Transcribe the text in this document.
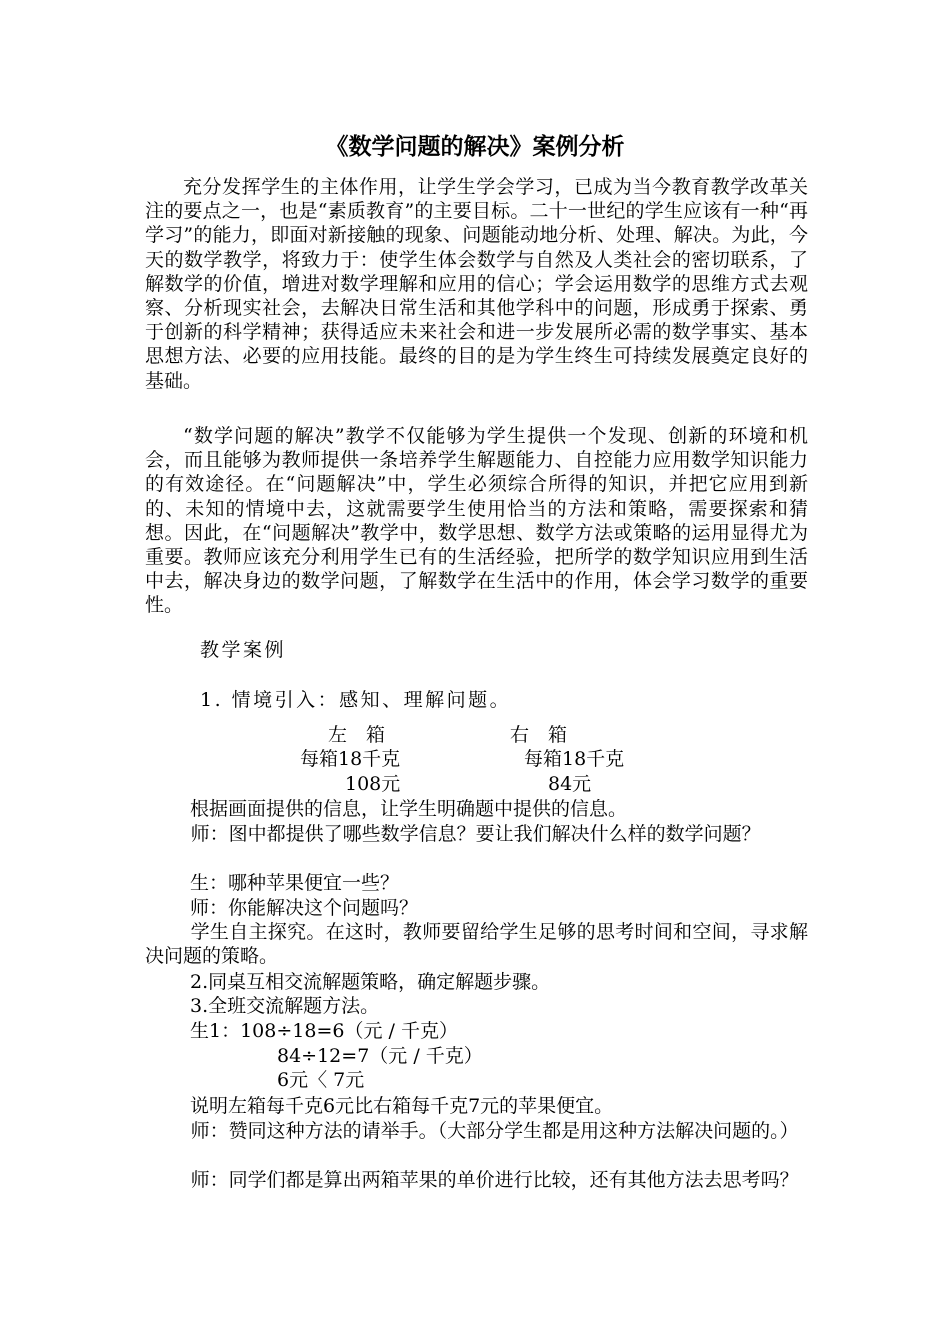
《数学问题的解决》案例分析

充分发挥学生的主体作用，让学生学会学习，已成为当今教育教学改革关注的要点之一，也是“素质教育”的主要目标。二十一世纪的学生应该有一种“再学习”的能力，即面对新接触的现象、问题能动地分析、处理、解决。为此，今天的数学教学，将致力于：使学生体会数学与自然及人类社会的密切联系，了解数学的价值，增进对数学理解和应用的信心；学会运用数学的思维方式去观察、分析现实社会，去解决日常生活和其他学科中的问题，形成勇于探索、勇于创新的科学精神；获得适应未来社会和进一步发展所必需的数学事实、基本思想方法、必要的应用技能。最终的目的是为学生终生可持续发展奠定良好的基础。

“数学问题的解决”教学不仅能够为学生提供一个发现、创新的环境和机会，而且能够为教师提供一条培养学生解题能力、自控能力应用数学知识能力的有效途径。在“问题解决”中，学生必须综合所得的知识，并把它应用到新的、未知的情境中去，这就需要学生使用恰当的方法和策略，需要探索和猜想。因此，在“问题解决”教学中，数学思想、数学方法或策略的运用显得尤为重要。教师应该充分利用学生已有的生活经验，把所学的数学知识应用到生活中去，解决身边的数学问题，了解数学在生活中的作用，体会学习数学的重要性。

教学案例

1. 情境引入：感知、理解问题。

左　箱	右　箱

每箱18千克	每箱18千克

108元	84元

根据画面提供的信息，让学生明确题中提供的信息。

师：图中都提供了哪些数学信息？要让我们解决什么样的数学问题？

生：哪种苹果便宜一些？

师：你能解决这个问题吗？

学生自主探究。在这时，教师要留给学生足够的思考时间和空间，寻求解决问题的策略。

2.同桌互相交流解题策略，确定解题步骤。

3.全班交流解题方法。

生1：108÷18=6（元 / 千克）

84÷12=7（元 / 千克）

6元〈 7元

说明左箱每千克6元比右箱每千克7元的苹果便宜。

师：赞同这种方法的请举手。（大部分学生都是用这种方法解决问题的。）

师：同学们都是算出两箱苹果的单价进行比较，还有其他方法去思考吗？
